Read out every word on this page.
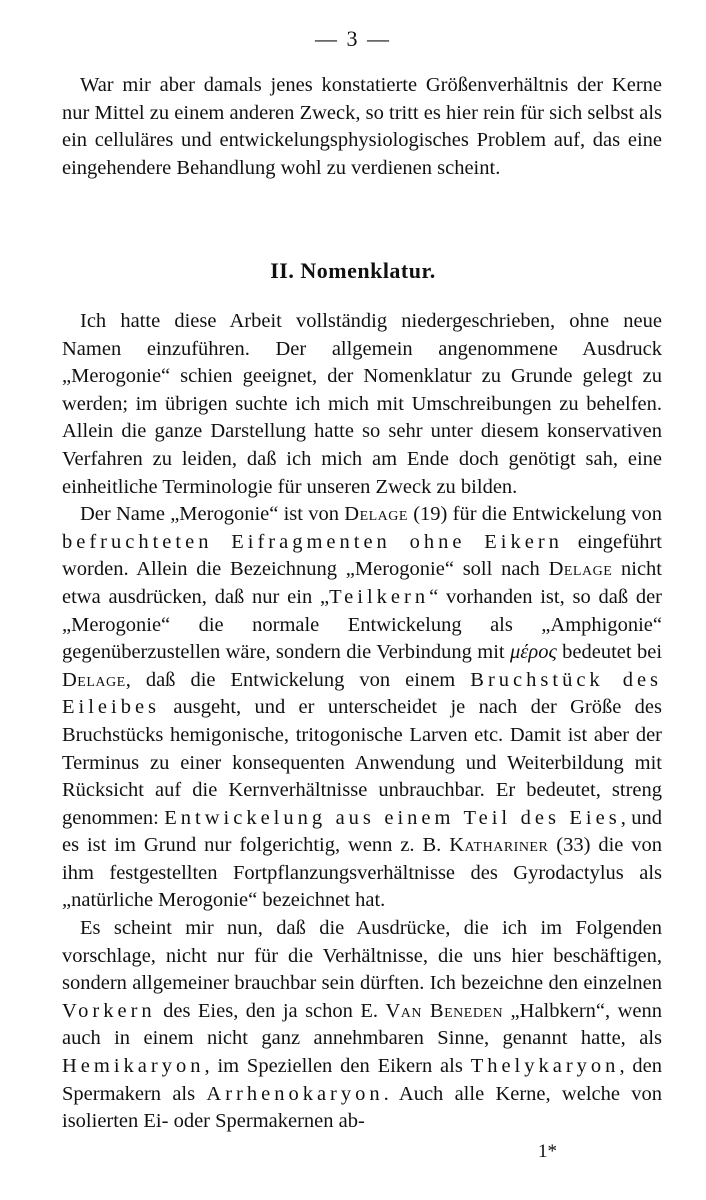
— 3 —

War mir aber damals jenes konstatierte Größenverhältnis der Kerne nur Mittel zu einem anderen Zweck, so tritt es hier rein für sich selbst als ein celluläres und entwickelungsphysiologisches Problem auf, das eine eingehendere Behandlung wohl zu verdienen scheint.

II. Nomenklatur.

Ich hatte diese Arbeit vollständig niedergeschrieben, ohne neue Namen einzuführen. Der allgemein angenommene Ausdruck „Merogonie“ schien geeignet, der Nomenklatur zu Grunde gelegt zu werden; im übrigen suchte ich mich mit Umschreibungen zu behelfen. Allein die ganze Darstellung hatte so sehr unter diesem konservativen Verfahren zu leiden, daß ich mich am Ende doch genötigt sah, eine einheitliche Terminologie für unseren Zweck zu bilden.

Der Name „Merogonie“ ist von Delage (19) für die Entwickelung von befruchteten Eifragmenten ohne Eikern eingeführt worden. Allein die Bezeichnung „Merogonie“ soll nach Delage nicht etwa ausdrücken, daß nur ein „Teilkern“ vorhanden ist, so daß der „Merogonie“ die normale Entwickelung als „Amphigonie“ gegenüberzustellen wäre, sondern die Verbindung mit μέρος bedeutet bei Delage, daß die Entwickelung von einem Bruchstück des Eileibes ausgeht, und er unterscheidet je nach der Größe des Bruchstücks hemigonische, tritogonische Larven etc. Damit ist aber der Terminus zu einer konsequenten Anwendung und Weiterbildung mit Rücksicht auf die Kernverhältnisse unbrauchbar. Er bedeutet, streng genommen: Entwickelung aus einem Teil des Eies, und es ist im Grund nur folgerichtig, wenn z. B. Kathariner (33) die von ihm festgestellten Fortpflanzungsverhältnisse des Gyrodactylus als „natürliche Merogonie“ bezeichnet hat.

Es scheint mir nun, daß die Ausdrücke, die ich im Folgenden vorschlage, nicht nur für die Verhältnisse, die uns hier beschäftigen, sondern allgemeiner brauchbar sein dürften. Ich bezeichne den einzelnen Vorkern des Eies, den ja schon E. Van Beneden „Halbkern“, wenn auch in einem nicht ganz annehmbaren Sinne, genannt hatte, als Hemikaryon, im Speziellen den Eikern als Thelykaryon, den Spermakern als Arrhenokaryon. Auch alle Kerne, welche von isolierten Ei- oder Spermakernen ab-

1*
